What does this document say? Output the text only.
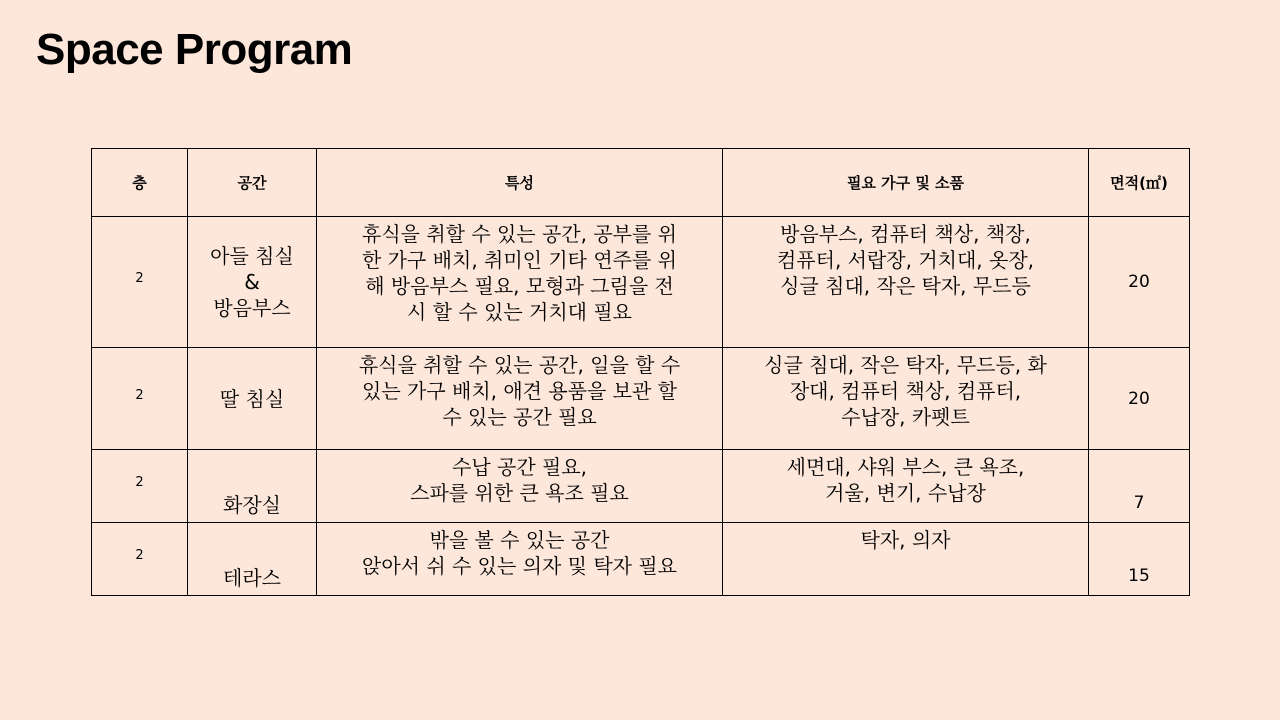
Space Program
층	공간	특성	필요 가구 및 소품	면적(㎡)
2	아들 침실
&
방음부스	휴식을 취할 수 있는 공간, 공부를 위
한 가구 배치, 취미인 기타 연주를 위
해 방음부스 필요, 모형과 그림을 전
시 할 수 있는 거치대 필요	방음부스, 컴퓨터 책상, 책장,
컴퓨터, 서랍장, 거치대, 옷장,
싱글 침대, 작은 탁자, 무드등	20
2	딸 침실	휴식을 취할 수 있는 공간, 일을 할 수
있는 가구 배치, 애견 용품을 보관 할
수 있는 공간 필요	싱글 침대, 작은 탁자, 무드등, 화
장대, 컴퓨터 책상, 컴퓨터,
수납장, 카펫트	20
2	화장실	수납 공간 필요,
스파를 위한 큰 욕조 필요	세면대, 샤워 부스, 큰 욕조,
거울, 변기, 수납장	7
2	테라스	밖을 볼 수 있는 공간
앉아서 쉬 수 있는 의자 및 탁자 필요	탁자, 의자	15
